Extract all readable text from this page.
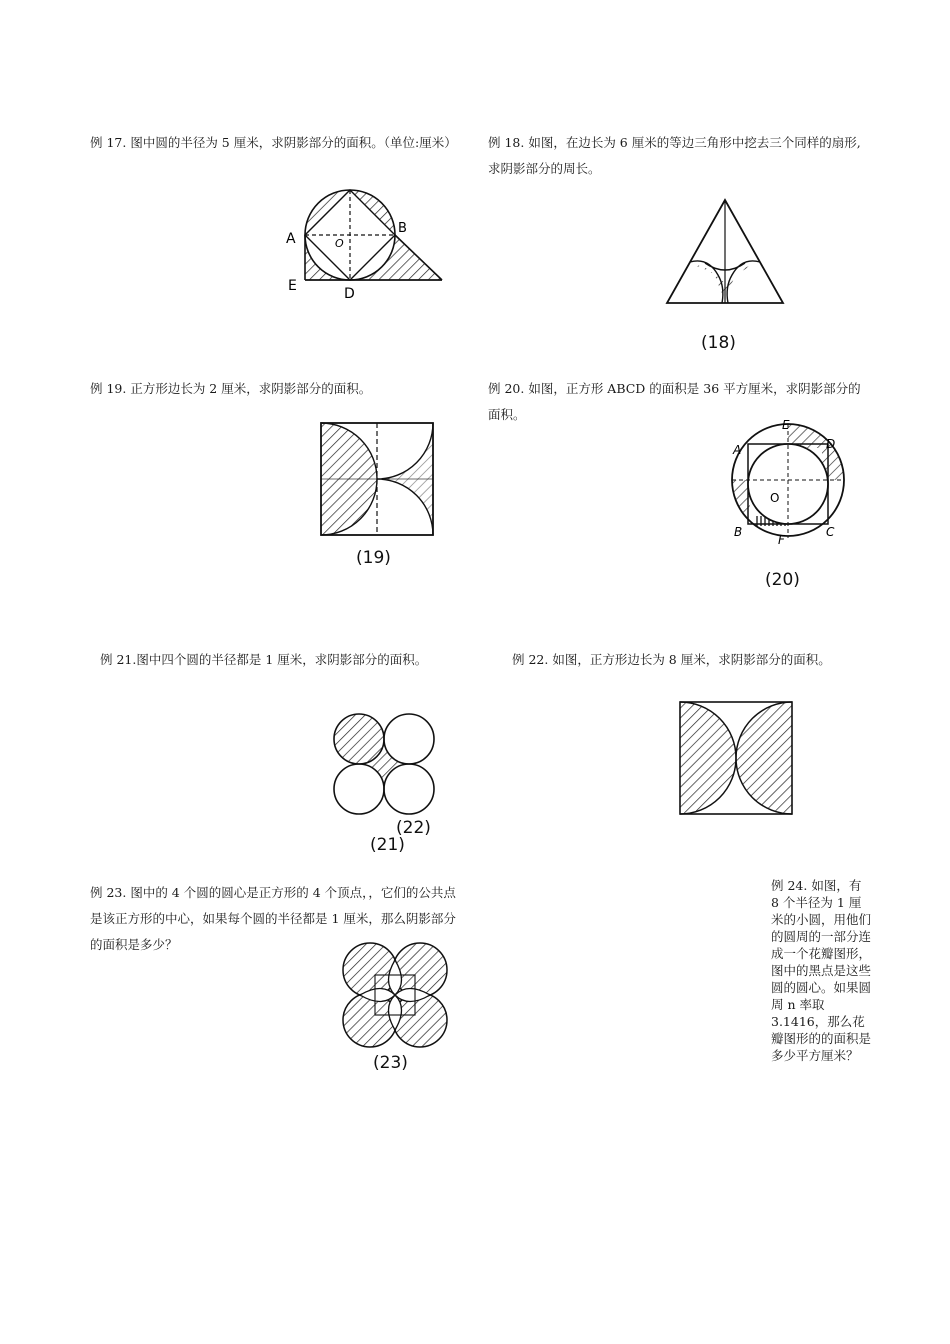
例 17. 图中圆的半径为 5 厘米，求阴影部分的面积。（单位:厘米）	例 18. 如图，在边长为 6 厘米的等边三角形中挖去三个同样的扇形,求阴影部分的周长。
例 19. 正方形边长为 2 厘米，求阴影部分的面积。	例 20. 如图，正方形 ABCD 的面积是 36 平方厘米，求阴影部分的面积。
例 21.图中四个圆的半径都是 1 厘米，求阴影部分的面积。	例 22. 如图，正方形边长为 8 厘米，求阴影部分的面积。
例 23. 图中的 4 个圆的圆心是正方形的 4 个顶点，，它们的公共点是该正方形的中心，如果每个圆的半径都是 1 厘米，那么阴影部分的面积是多少？
例 24. 如图，有 8 个半径为 1 厘米的小圆，用他们的圆周的一部分连成一个花瓣图形，图中的黑点是这些圆的圆心。如果圆周 n 率取 3.1416，那么花瓣图形的的面积是多少平方厘米？
A
B
O
E	D
(18)
(19)
A
B	C
D
E
F
O
(20)
(22)
(21)
(23)
